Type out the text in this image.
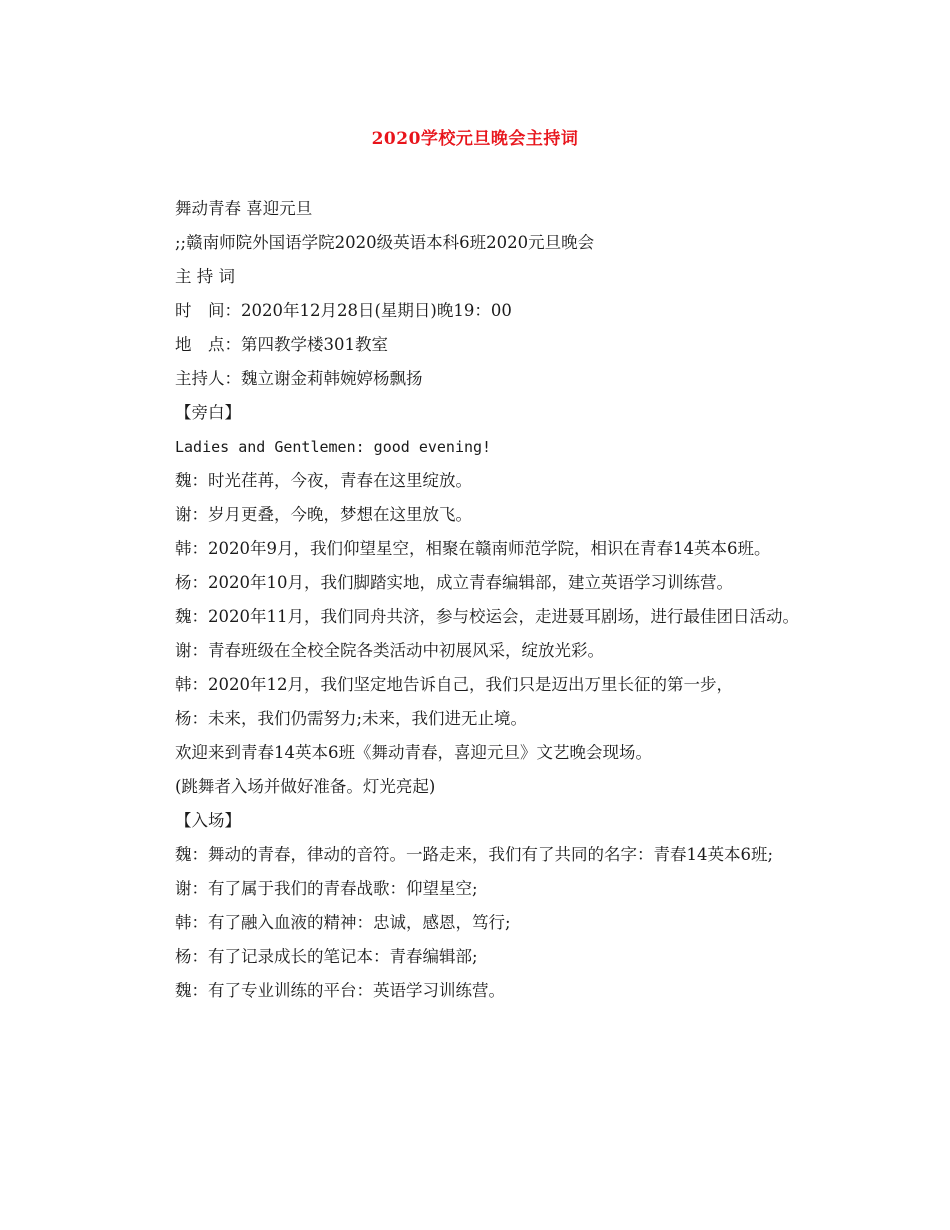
2020学校元旦晚会主持词

舞动青春 喜迎元旦

;;赣南师院外国语学院2020级英语本科6班2020元旦晚会

主 持 词

时　间：2020年12月28日(星期日)晚19：00

地　点：第四教学楼301教室

主持人：魏立谢金莉韩婉婷杨飘扬

【旁白】

Ladies and Gentlemen: good evening!

魏：时光荏苒，今夜，青春在这里绽放。

谢：岁月更叠，今晚，梦想在这里放飞。

韩：2020年9月，我们仰望星空，相聚在赣南师范学院，相识在青春14英本6班。

杨：2020年10月，我们脚踏实地，成立青春编辑部，建立英语学习训练营。

魏：2020年11月，我们同舟共济，参与校运会，走进聂耳剧场，进行最佳团日活动。

谢：青春班级在全校全院各类活动中初展风采，绽放光彩。

韩：2020年12月，我们坚定地告诉自己，我们只是迈出万里长征的第一步，

杨：未来，我们仍需努力;未来，我们进无止境。

欢迎来到青春14英本6班《舞动青春，喜迎元旦》文艺晚会现场。

(跳舞者入场并做好准备。灯光亮起)

【入场】

魏：舞动的青春，律动的音符。一路走来，我们有了共同的名字：青春14英本6班;

谢：有了属于我们的青春战歌：仰望星空;

韩：有了融入血液的精神：忠诚，感恩，笃行;

杨：有了记录成长的笔记本：青春编辑部;

魏：有了专业训练的平台：英语学习训练营。
